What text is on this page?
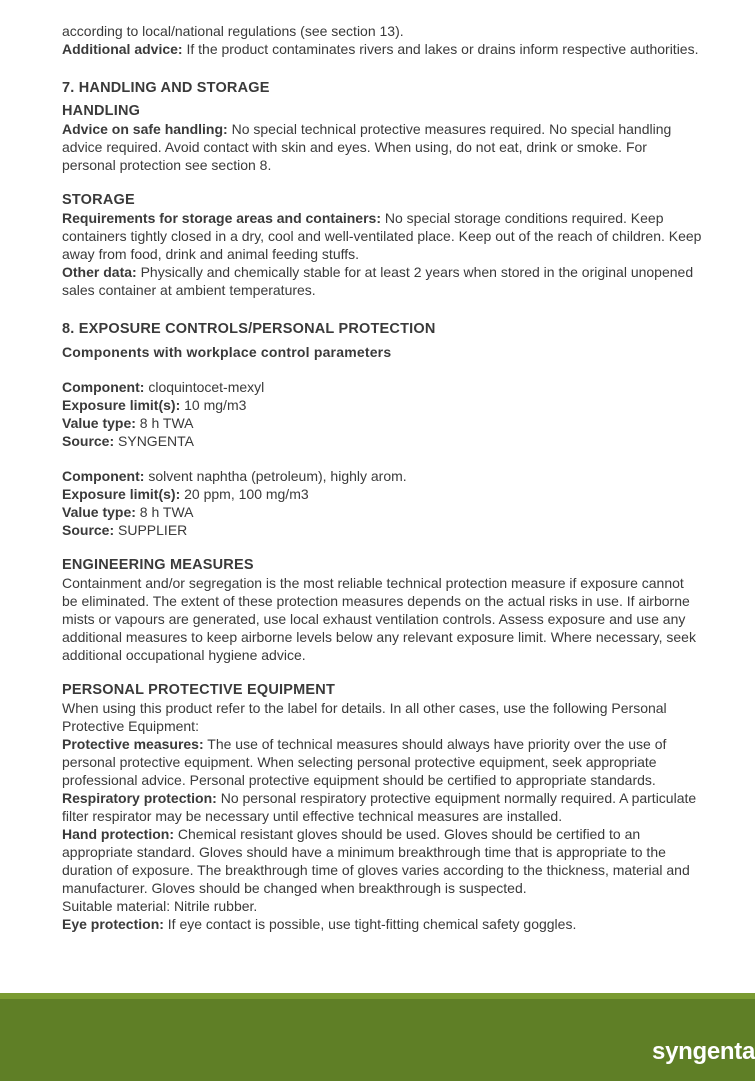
according to local/national regulations (see section 13).

Additional advice: If the product contaminates rivers and lakes or drains inform respective authorities.

7. HANDLING AND STORAGE

HANDLING

Advice on safe handling: No special technical protective measures required. No special handling advice required. Avoid contact with skin and eyes. When using, do not eat, drink or smoke. For personal protection see section 8.

STORAGE

Requirements for storage areas and containers: No special storage conditions required. Keep containers tightly closed in a dry, cool and well-ventilated place. Keep out of the reach of children. Keep away from food, drink and animal feeding stuffs.

Other data: Physically and chemically stable for at least 2 years when stored in the original unopened sales container at ambient temperatures.

8. EXPOSURE CONTROLS/PERSONAL PROTECTION

Components with workplace control parameters

Component: cloquintocet-mexyl

Exposure limit(s): 10 mg/m3

Value type: 8 h TWA

Source: SYNGENTA

Component: solvent naphtha (petroleum), highly arom.

Exposure limit(s): 20 ppm, 100 mg/m3

Value type: 8 h TWA

Source: SUPPLIER

ENGINEERING MEASURES

Containment and/or segregation is the most reliable technical protection measure if exposure cannot be eliminated. The extent of these protection measures depends on the actual risks in use. If airborne mists or vapours are generated, use local exhaust ventilation controls. Assess exposure and use any additional measures to keep airborne levels below any relevant exposure limit. Where necessary, seek additional occupational hygiene advice.

PERSONAL PROTECTIVE EQUIPMENT

When using this product refer to the label for details. In all other cases, use the following Personal Protective Equipment:

Protective measures: The use of technical measures should always have priority over the use of personal protective equipment. When selecting personal protective equipment, seek appropriate professional advice. Personal protective equipment should be certified to appropriate standards.

Respiratory protection: No personal respiratory protective equipment normally required. A particulate filter respirator may be necessary until effective technical measures are installed.

Hand protection: Chemical resistant gloves should be used. Gloves should be certified to an appropriate standard. Gloves should have a minimum breakthrough time that is appropriate to the duration of exposure. The breakthrough time of gloves varies according to the thickness, material and manufacturer. Gloves should be changed when breakthrough is suspected.

Suitable material: Nitrile rubber.

Eye protection: If eye contact is possible, use tight-fitting chemical safety goggles.

syngenta
